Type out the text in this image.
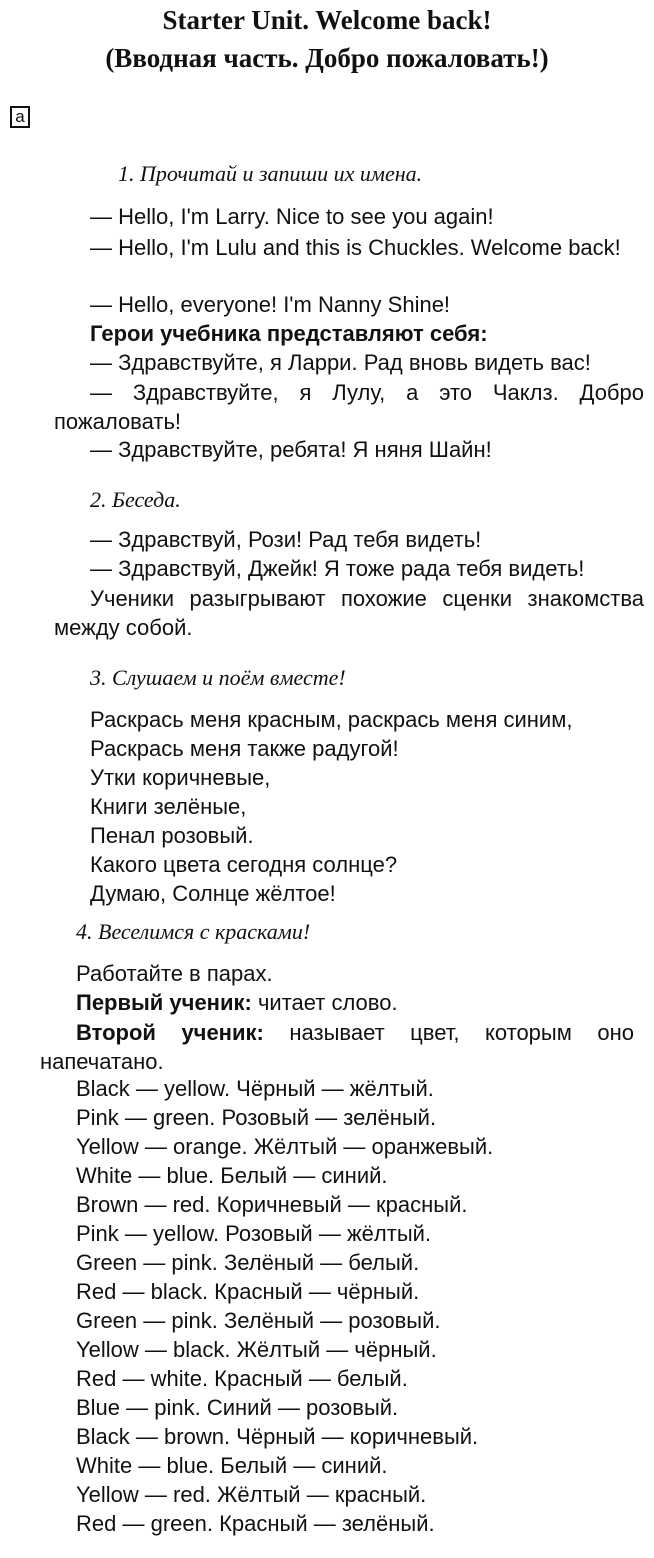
Starter Unit. Welcome back!
(Вводная часть. Добро пожаловать!)
a
1. Прочитай и запиши их имена.
— Hello, I'm Larry. Nice to see you again!
— Hello, I'm Lulu and this is Chuckles. Welcome back!
— Hello, everyone! I'm Nanny Shine!
Герои учебника представляют себя:
— Здравствуйте, я Ларри. Рад вновь видеть вас!
— Здравствуйте, я Лулу, а это Чаклз. Добро пожаловать!
— Здравствуйте, ребята! Я няня Шайн!
2. Беседа.
— Здравствуй, Рози! Рад тебя видеть!
— Здравствуй, Джейк! Я тоже рада тебя видеть!
Ученики разыгрывают похожие сценки знакомства между собой.
3. Слушаем и поём вместе!
Раскрась меня красным, раскрась меня синим,
Раскрась меня также радугой!
Утки коричневые,
Книги зелёные,
Пенал розовый.
Какого цвета сегодня солнце?
Думаю, Солнце жёлтое!
4. Веселимся с красками!
Работайте в парах.
Первый ученик: читает слово.
Второй ученик: называет цвет, которым оно напечатано.
Black — yellow. Чёрный — жёлтый.
Pink — green. Розовый — зелёный.
Yellow — orange. Жёлтый — оранжевый.
White — blue. Белый — синий.
Brown — red. Коричневый — красный.
Pink — yellow. Розовый — жёлтый.
Green — pink. Зелёный — белый.
Red — black. Красный — чёрный.
Green — pink. Зелёный — розовый.
Yellow — black. Жёлтый — чёрный.
Red — white. Красный — белый.
Blue — pink. Синий — розовый.
Black — brown. Чёрный — коричневый.
White — blue. Белый — синий.
Yellow — red. Жёлтый — красный.
Red — green. Красный — зелёный.
